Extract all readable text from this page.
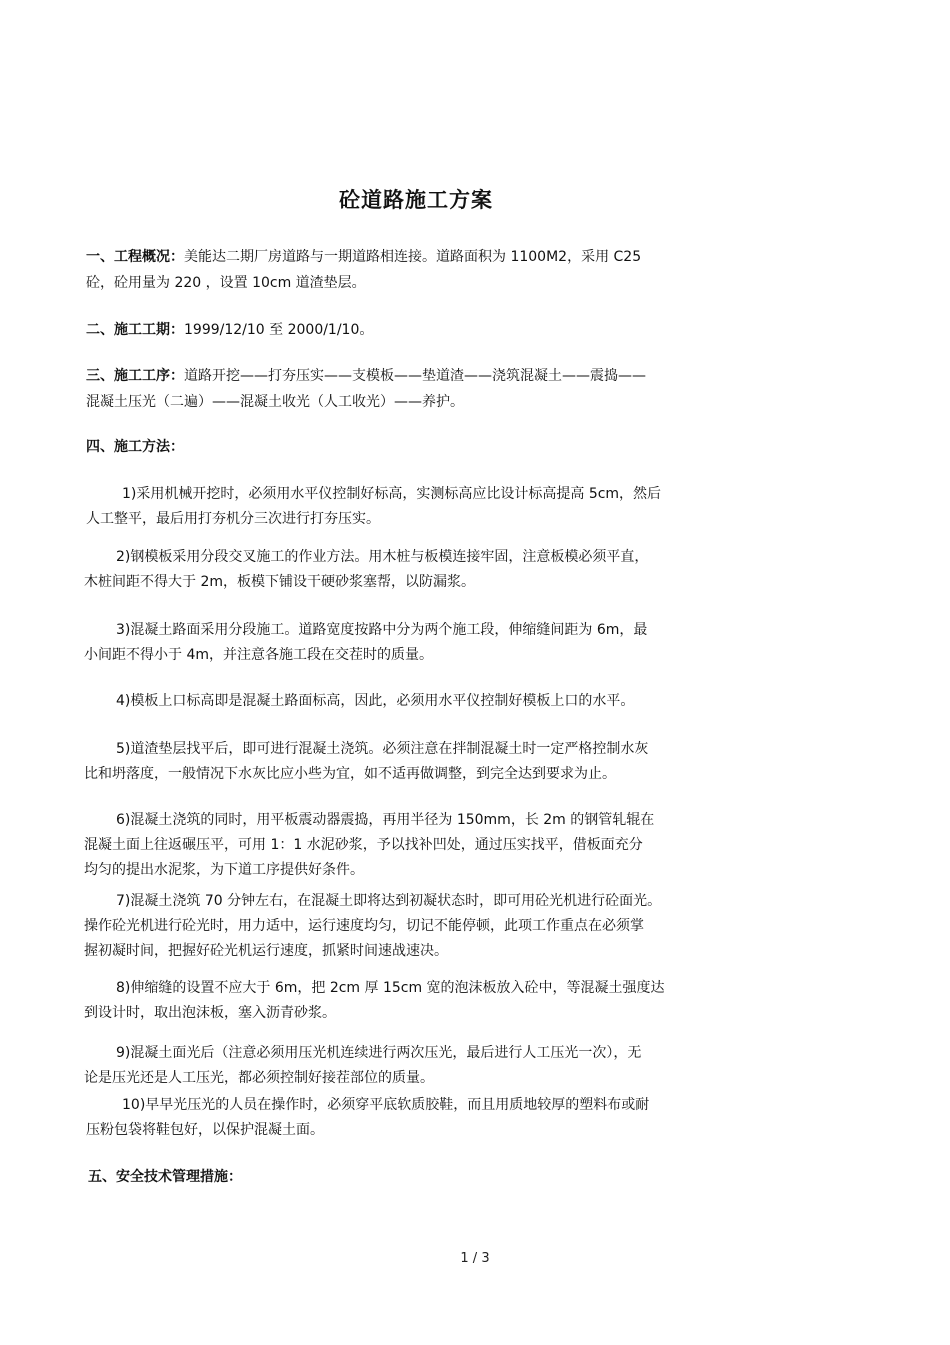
砼道路施工方案
一、工程概况：美能达二期厂房道路与一期道路相连接。道路面积为 1100M2，采用 C25
砼，砼用量为 220 ，设置 10cm 道渣垫层。
二、施工工期：1999/12/10 至 2000/1/10。
三、施工工序：道路开挖——打夯压实——支模板——垫道渣——浇筑混凝土——震捣——
混凝土压光（二遍）——混凝土收光（人工收光）——养护。
四、施工方法：
1)采用机械开挖时，必须用水平仪控制好标高，实测标高应比设计标高提高 5cm，然后
人工整平，最后用打夯机分三次进行打夯压实。
2)钢模板采用分段交叉施工的作业方法。用木桩与板模连接牢固，注意板模必须平直，
木桩间距不得大于 2m，板模下铺设干硬砂浆塞帮，以防漏浆。
3)混凝土路面采用分段施工。道路宽度按路中分为两个施工段，伸缩缝间距为 6m，最
小间距不得小于 4m，并注意各施工段在交茬时的质量。
4)模板上口标高即是混凝土路面标高，因此，必须用水平仪控制好模板上口的水平。
5)道渣垫层找平后，即可进行混凝土浇筑。必须注意在拌制混凝土时一定严格控制水灰
比和坍落度，一般情况下水灰比应小些为宜，如不适再做调整，到完全达到要求为止。
6)混凝土浇筑的同时，用平板震动器震捣，再用半径为 150mm，长 2m 的钢管轧辊在
混凝土面上往返碾压平，可用 1：1 水泥砂浆，予以找补凹处，通过压实找平，借板面充分
均匀的提出水泥浆，为下道工序提供好条件。
7)混凝土浇筑 70 分钟左右，在混凝土即将达到初凝状态时，即可用砼光机进行砼面光。
操作砼光机进行砼光时，用力适中，运行速度均匀，切记不能停顿，此项工作重点在必须掌
握初凝时间，把握好砼光机运行速度，抓紧时间速战速决。
8)伸缩缝的设置不应大于 6m，把 2cm 厚 15cm 宽的泡沫板放入砼中，等混凝土强度达
到设计时，取出泡沫板，塞入沥青砂浆。
9)混凝土面光后（注意必须用压光机连续进行两次压光，最后进行人工压光一次），无
论是压光还是人工压光，都必须控制好接茬部位的质量。
10)早早光压光的人员在操作时，必须穿平底软质胶鞋，而且用质地较厚的塑料布或耐
压粉包袋将鞋包好，以保护混凝土面。
五、安全技术管理措施：
1 / 3
